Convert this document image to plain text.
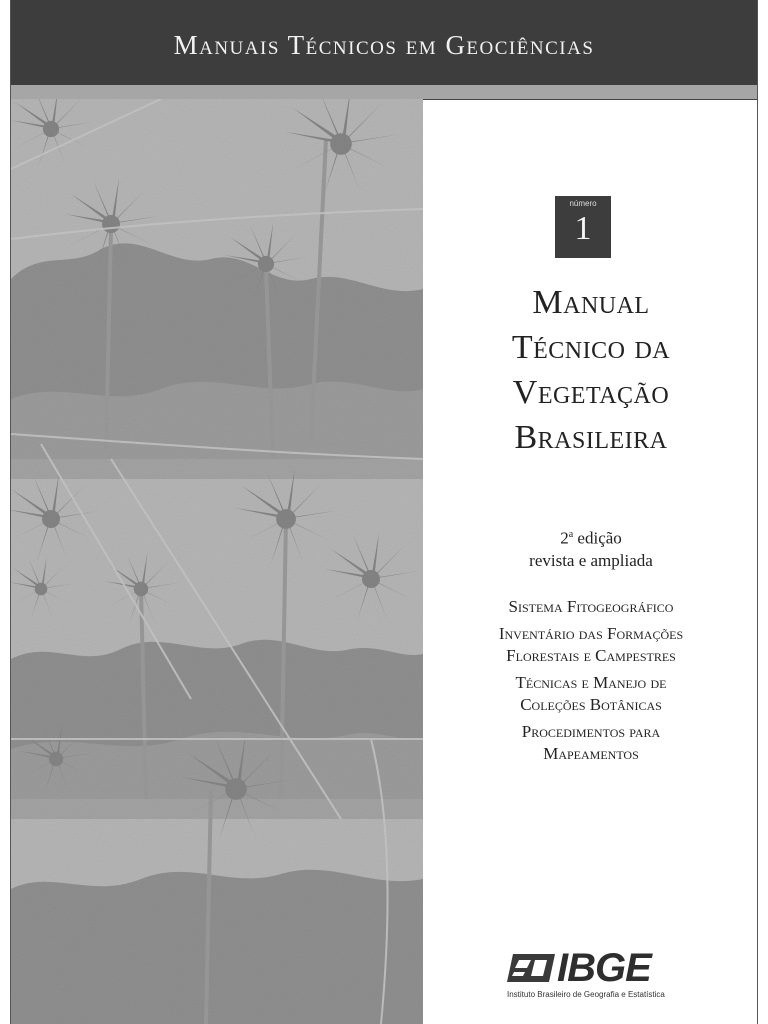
Manuais Técnicos em Geociências
número
1
Manual
Técnico da
Vegetação
Brasileira
2$^a$ edição
revista e ampliada
Sistema Fitogeográfico
Inventário das Formações
Florestais e Campestres
Técnicas e Manejo de
Coleções Botânicas
Procedimentos para
Mapeamentos
IBGE
Instituto Brasileiro de Geografia e Estatística
